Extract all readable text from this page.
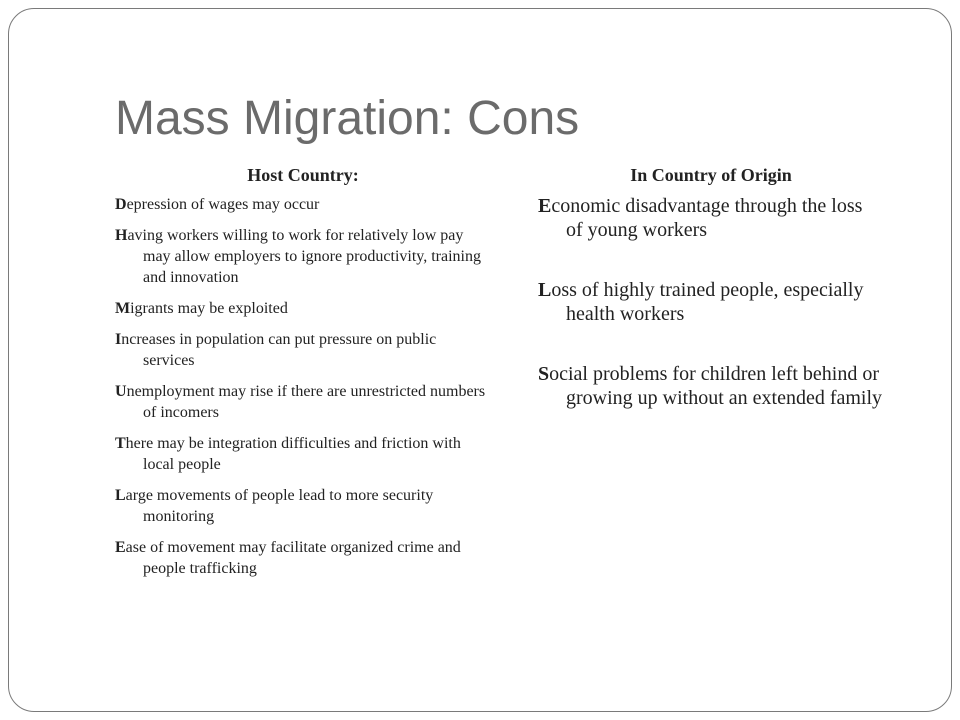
Mass Migration: Cons

Host Country:

Depression of wages may occur
Having workers willing to work for relatively low pay may allow employers to ignore productivity, training and innovation
Migrants may be exploited
Increases in population can put pressure on public services
Unemployment may rise if there are unrestricted numbers of incomers
There may be integration difficulties and friction with local people
Large movements of people lead to more security monitoring
Ease of movement may facilitate organized crime and people trafficking

In Country of Origin

Economic disadvantage through the loss of young workers
Loss of highly trained people, especially health workers
Social problems for children left behind or growing up without an extended family
